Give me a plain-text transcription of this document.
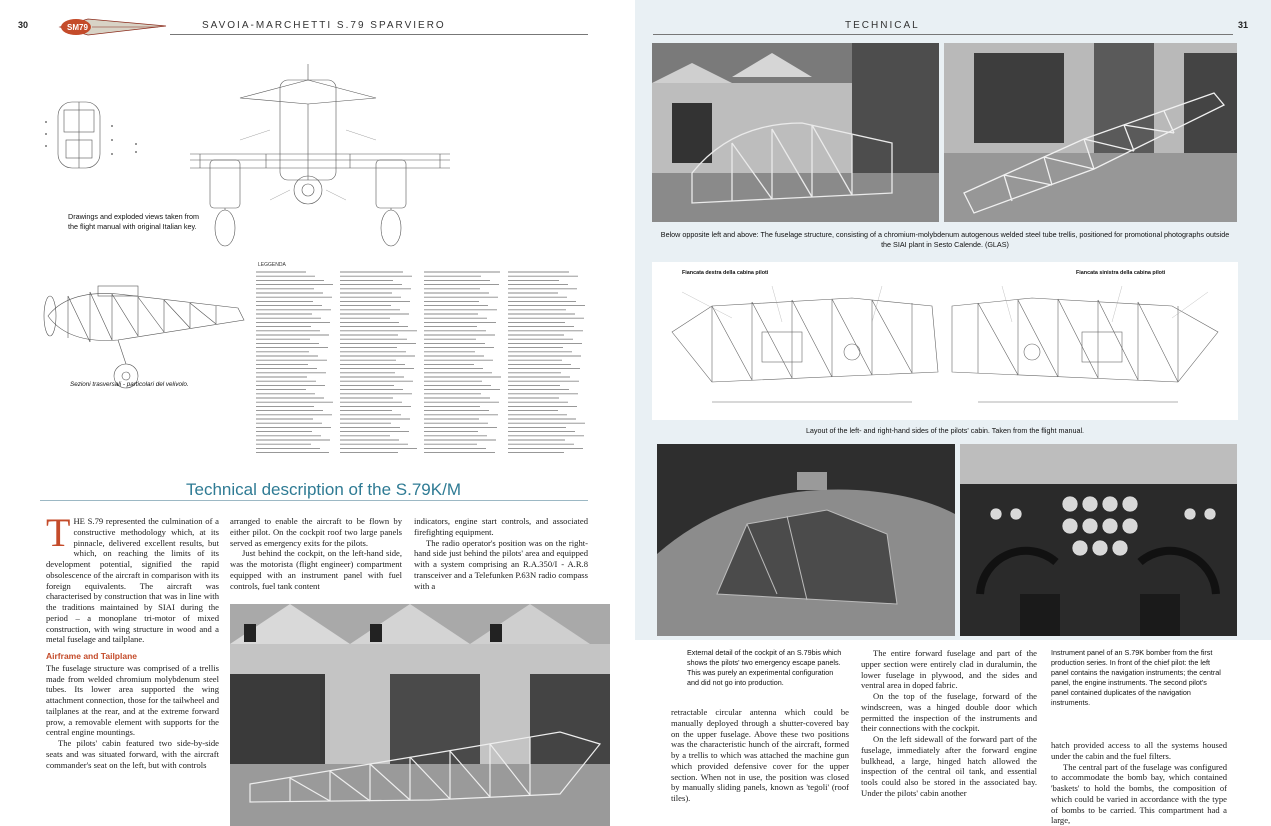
30	SM79	SAVOIA-MARCHETTI S.79 SPARVIERO
Drawings and exploded views taken from the flight manual with original Italian key.
Sezioni trasversali - particolari del velivolo.
LEGGENDA
Technical description of the S.79K/M

THE S.79 represented the culmination of a constructive methodology which, at its pinnacle, delivered excellent results, but which, on reaching the limits of its development potential, signified the rapid obsolescence of the aircraft in comparison with its foreign equivalents. The aircraft was characterised by construction that was in line with the traditions maintained by SIAI during the period – a monoplane tri-motor of mixed construction, with wing structure in wood and a metal fuselage and tailplane.

Airframe and Tailplane

The fuselage structure was comprised of a trellis made from welded chromium molybdenum steel tubes. Its lower area supported the wing attachment connection, those for the tailwheel and tailplanes at the rear, and at the extreme forward prow, a removable element with supports for the central engine mountings.

The pilots' cabin featured two side-by-side seats and was situated forward, with the aircraft commander's seat on the left, but with controls

arranged to enable the aircraft to be flown by either pilot. On the cockpit roof two large panels served as emergency exits for the pilots.

Just behind the cockpit, on the left-hand side, was the motorista (flight engineer) compartment equipped with an instrument panel with fuel controls, fuel tank content

indicators, engine start controls, and associated firefighting equipment.

The radio operator's position was on the right-hand side just behind the pilots' area and equipped with a system comprising an R.A.350/I - A.R.8 transceiver and a Telefunken P.63N radio compass with a

TECHNICAL	31
Below opposite left and above: The fuselage structure, consisting of a chromium-molybdenum autogenous welded steel tube trellis, positioned for promotional photographs outside the SIAI plant in Sesto Calende. (GLAS)
Fiancata destra della cabina piloti	Fiancata sinistra della cabina piloti
Layout of the left- and right-hand sides of the pilots' cabin. Taken from the flight manual.
External detail of the cockpit of an S.79bis which shows the pilots' two emergency escape panels. This was purely an experimental configuration and did not go into production.
Instrument panel of an S.79K bomber from the first production series. In front of the chief pilot: the left panel contains the navigation instruments; the central panel, the engine instruments. The second pilot's panel contained duplicates of the navigation instruments.

retractable circular antenna which could be manually deployed through a shutter-covered bay on the upper fuselage. Above these two positions was the characteristic hunch of the aircraft, formed by a trellis to which was attached the machine gun which provided defensive cover for the upper section. When not in use, the position was closed by manually sliding panels, known as 'tegoli' (roof tiles).

The entire forward fuselage and part of the upper section were entirely clad in duralumin, the lower fuselage in plywood, and the sides and ventral area in doped fabric.

On the top of the fuselage, forward of the windscreen, was a hinged double door which permitted the inspection of the instruments and their connections with the cockpit.

On the left sidewall of the forward part of the fuselage, immediately after the forward engine bulkhead, a large, hinged hatch allowed the inspection of the central oil tank, and essential tools could also be stored in the associated bay. Under the pilots' cabin another

hatch provided access to all the systems housed under the cabin and the fuel filters.

The central part of the fuselage was configured to accommodate the bomb bay, which contained 'baskets' to hold the bombs, the composition of which could be varied in accordance with the type of bombs to be carried. This compartment had a large,
